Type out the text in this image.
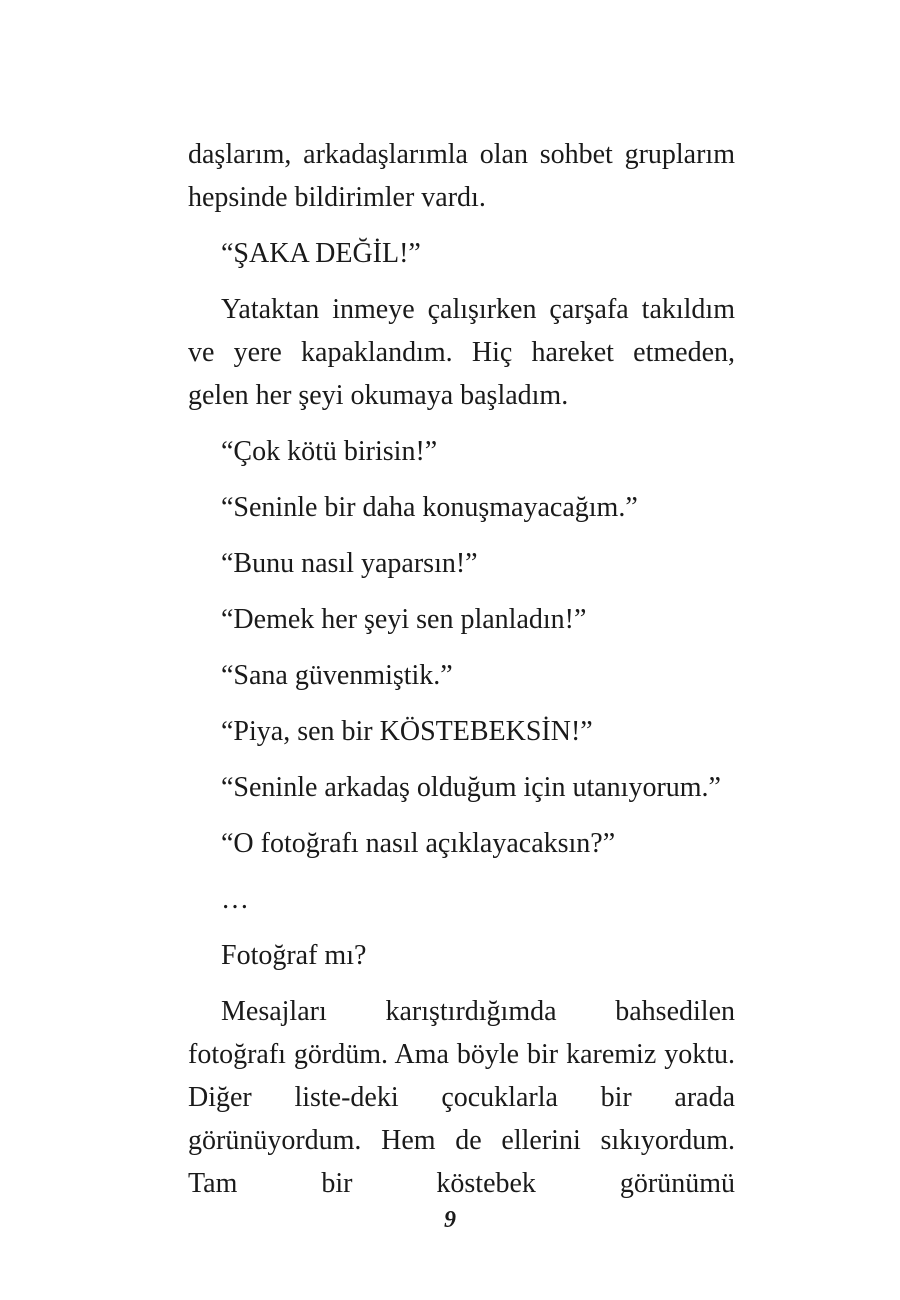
daşlarım, arkadaşlarımla olan sohbet gruplarım hepsinde bildirimler vardı.

“ŞAKA DEĞİL!”

Yataktan inmeye çalışırken çarşafa takıldım ve yere kapaklandım. Hiç hareket etmeden, gelen her şeyi okumaya başladım.

“Çok kötü birisin!”

“Seninle bir daha konuşmayacağım.”

“Bunu nasıl yaparsın!”

“Demek her şeyi sen planladın!”

“Sana güvenmiştik.”

“Piya, sen bir KÖSTEBEKSİN!”

“Seninle arkadaş olduğum için utanıyorum.”

“O fotoğrafı nasıl açıklayacaksın?”

…

Fotoğraf mı?

Mesajları karıştırdığımda bahsedilen fotoğrafı gördüm. Ama böyle bir karemiz yoktu. Diğer liste-deki çocuklarla bir arada görünüyordum. Hem de ellerini sıkıyordum. Tam bir köstebek görünümü

9
